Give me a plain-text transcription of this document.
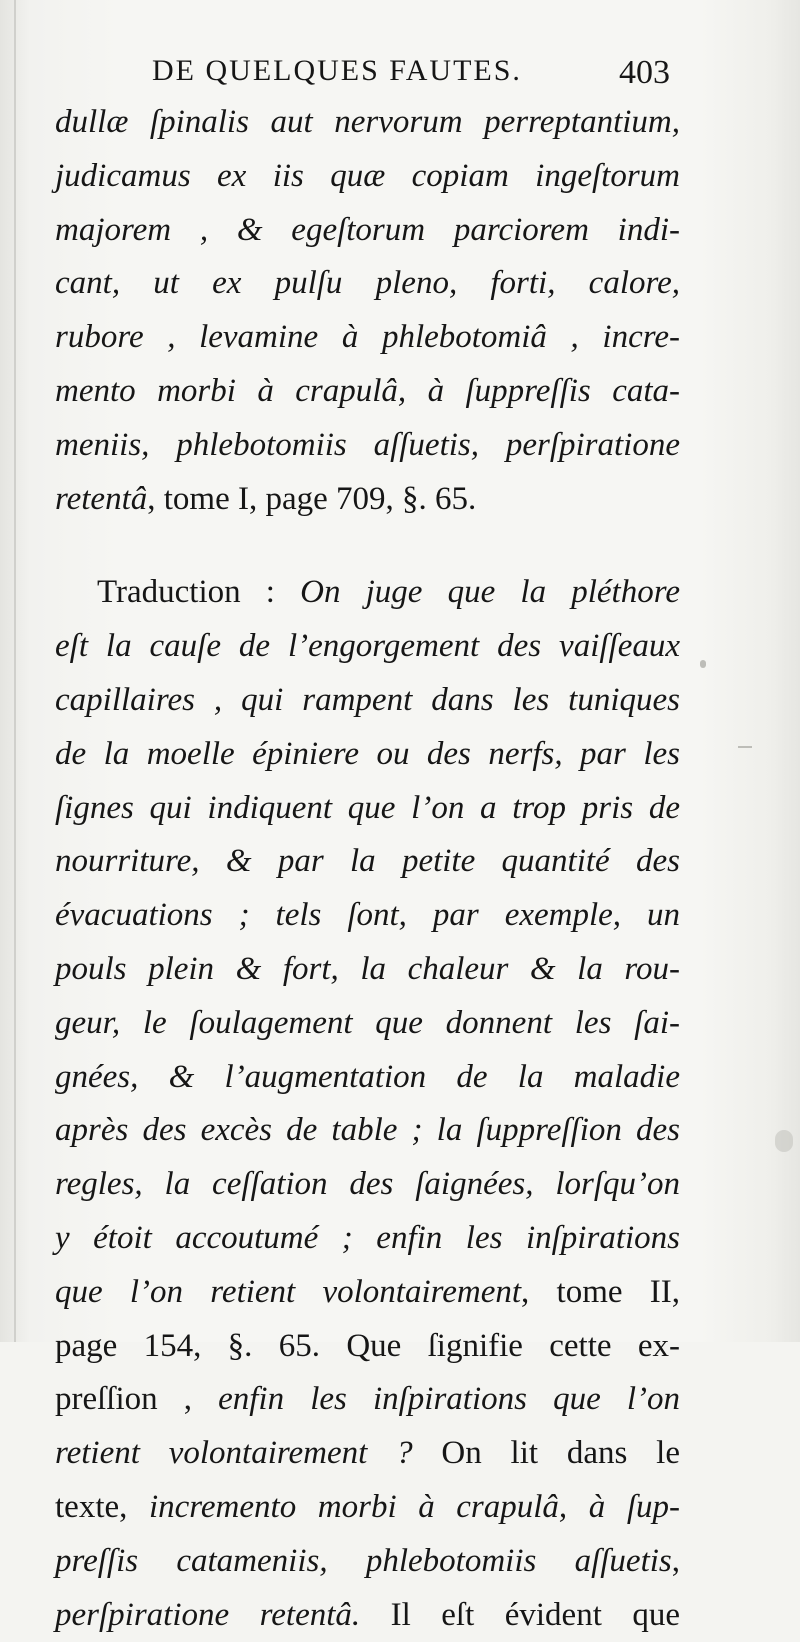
DE QUELQUES FAUTES.	403
dullæ ſpinalis aut nervorum perreptantium,
judicamus ex iis quæ copiam ingeſtorum
majorem , & egeſtorum parciorem indi-
cant, ut ex pulſu pleno, forti, calore,
rubore , levamine à phlebotomiâ , incre-
mento morbi à crapulâ, à ſuppreſſis cata-
meniis, phlebotomiis aſſuetis, perſpiratione
retentâ, tome I, page 709, §. 65.
Traduction : On juge que la pléthore
eſt la cauſe de l’engorgement des vaiſſeaux
capillaires , qui rampent dans les tuniques
de la moelle épiniere ou des nerfs, par les
ſignes qui indiquent que l’on a trop pris de
nourriture, & par la petite quantité des
évacuations ; tels ſont, par exemple, un
pouls plein & fort, la chaleur & la rou-
geur, le ſoulagement que donnent les ſai-
gnées, & l’augmentation de la maladie
après des excès de table ; la ſuppreſſion des
regles, la ceſſation des ſaignées, lorſqu’on
y étoit accoutumé ; enfin les inſpirations
que l’on retient volontairement, tome II,
page 154, §. 65. Que ſignifie cette ex-
preſſion , enfin les inſpirations que l’on
retient volontairement ? On lit dans le
texte, incremento morbi à crapulâ, à ſup-
preſſis catameniis, phlebotomiis aſſuetis,
perſpiratione retentâ. Il eſt évident que
